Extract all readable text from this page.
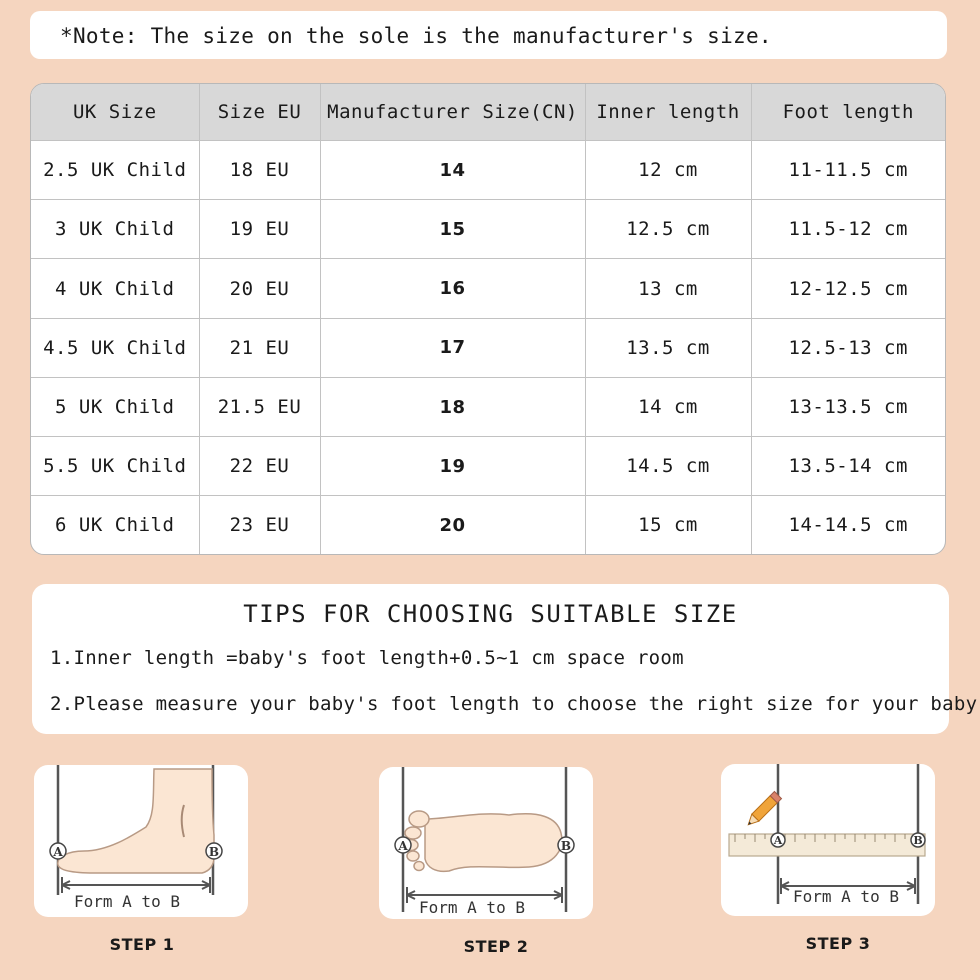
*Note: The size on the sole is the manufacturer's size.
UK Size	Size EU	Manufacturer Size(CN)	Inner length	Foot length
2.5 UK Child	18 EU	14	12 cm	11-11.5 cm
3 UK Child	19 EU	15	12.5 cm	11.5-12 cm
4 UK Child	20 EU	16	13 cm	12-12.5 cm
4.5 UK Child	21 EU	17	13.5 cm	12.5-13 cm
5 UK Child	21.5 EU	18	14 cm	13-13.5 cm
5.5 UK Child	22 EU	19	14.5 cm	13.5-14 cm
6 UK Child	23 EU	20	15 cm	14-14.5 cm
TIPS FOR CHOOSING SUITABLE SIZE
1.Inner length =baby's foot length+0.5~1 cm space room
2.Please measure your baby's foot length to choose the right size for your baby
A	B
Form A to B
STEP 1
A	B
Form A to B
STEP 2
A	B
Form A to B
STEP 3
